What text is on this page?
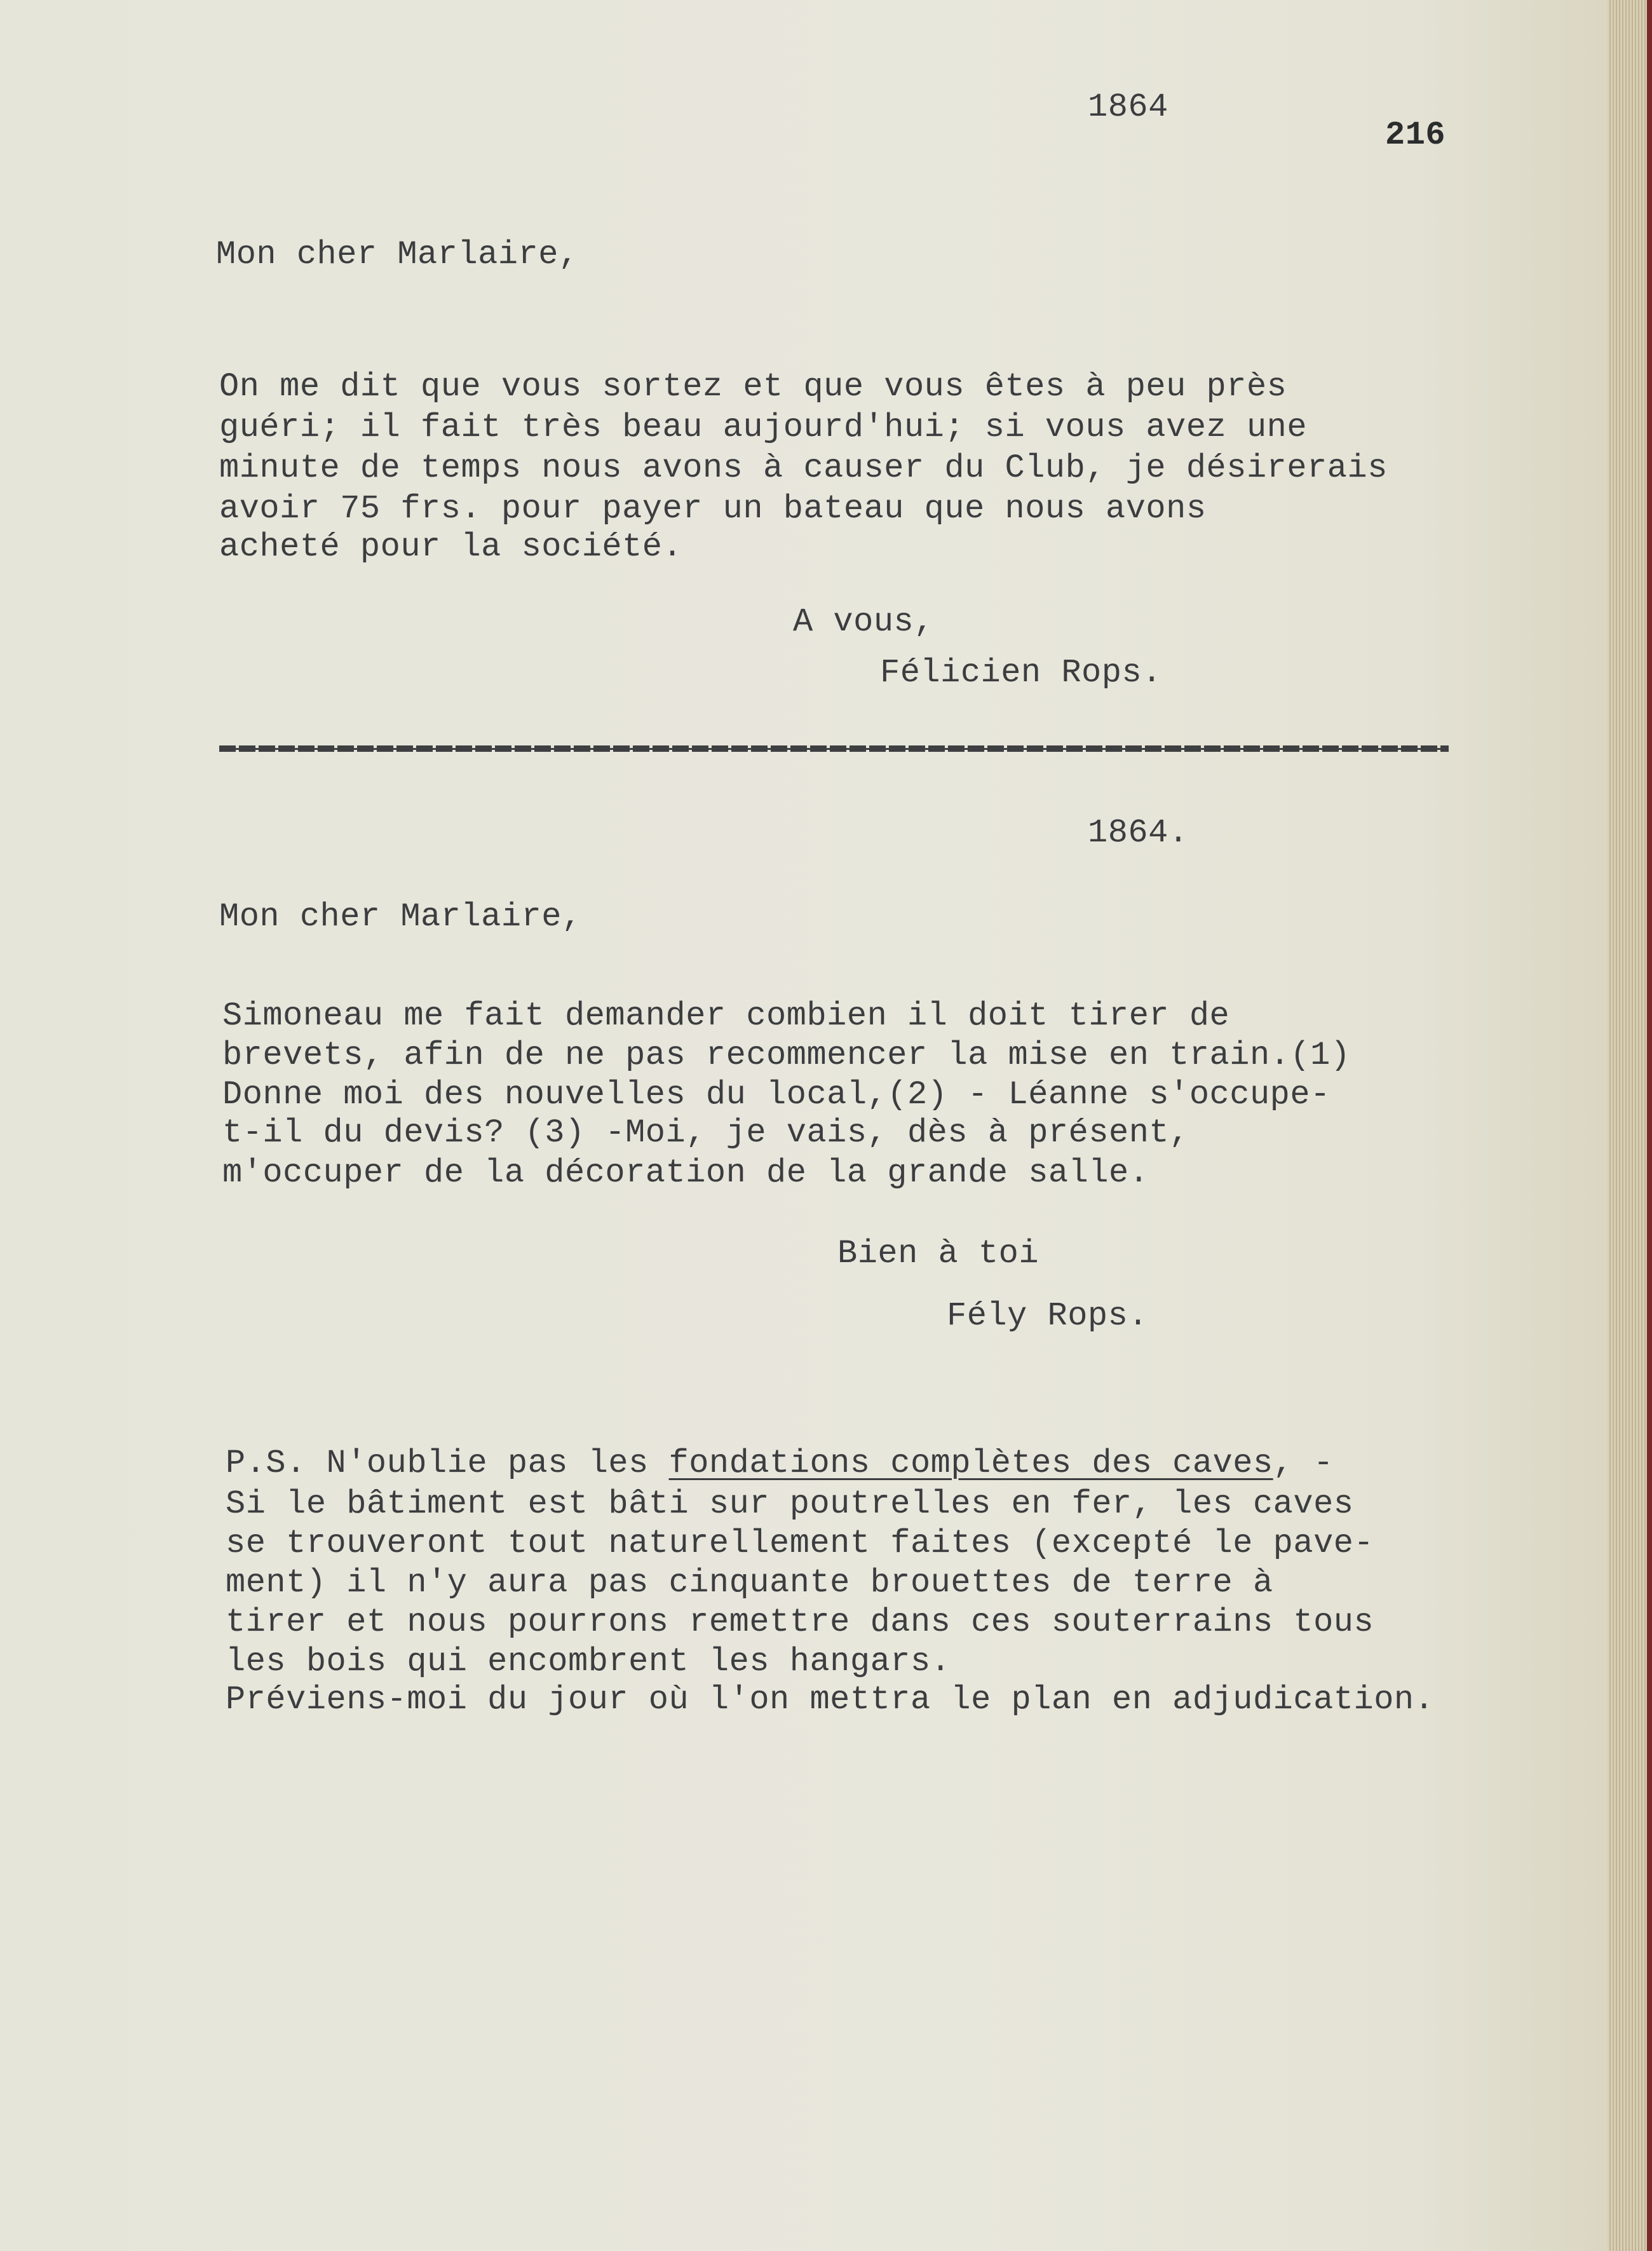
1864
216
Mon cher Marlaire,
On me dit que vous sortez et que vous êtes à peu près
guéri; il fait très beau aujourd'hui; si vous avez une
minute de temps nous avons à causer du Club, je désirerais
avoir 75 frs. pour payer un bateau que nous avons
acheté pour la société.
A vous,
Félicien Rops.
1864.
Mon cher Marlaire,
Simoneau me fait demander combien il doit tirer de
brevets, afin de ne pas recommencer la mise en train.(1)
Donne moi des nouvelles du local,(2) - Léanne s'occupe-
t-il du devis? (3) -Moi, je vais, dès à présent,
m'occuper de la décoration de la grande salle.
Bien à toi
Fély Rops.
P.S. N'oublie pas les fondations complètes des caves, -
Si le bâtiment est bâti sur poutrelles en fer, les caves
se trouveront tout naturellement faites (excepté le pave-
ment) il n'y aura pas cinquante brouettes de terre à
tirer et nous pourrons remettre dans ces souterrains tous
les bois qui encombrent les hangars.
Préviens-moi du jour où l'on mettra le plan en adjudication.
